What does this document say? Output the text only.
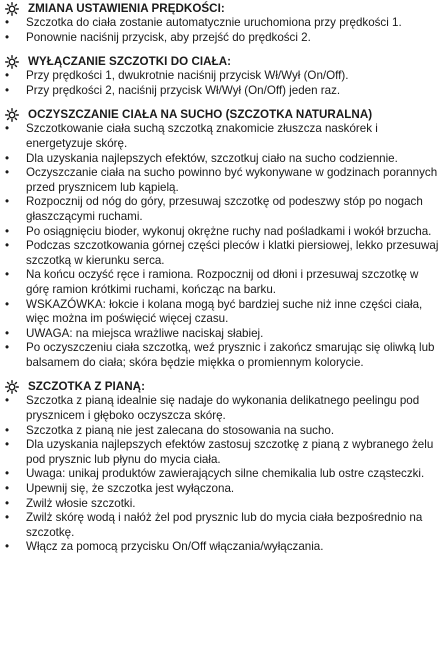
ZMIANA USTAWIENIA PRĘDKOŚCI:
•	Szczotka do ciała zostanie automatycznie uruchomiona przy prędkości 1.
•	Ponownie naciśnij przycisk, aby przejść do prędkości 2.
WYŁĄCZANIE SZCZOTKI DO CIAŁA:
•	Przy prędkości 1, dwukrotnie naciśnij przycisk Wł/Wył (On/Off).
•	Przy prędkości 2, naciśnij przycisk Wł/Wył (On/Off) jeden raz.
OCZYSZCZANIE CIAŁA NA SUCHO (SZCZOTKA NATURALNA)
•	Szczotkowanie ciała suchą szczotką znakomicie złuszcza naskórek i energetyzuje skórę.
•	Dla uzyskania najlepszych efektów, szczotkuj ciało na sucho codziennie.
•	Oczyszczanie ciała na sucho powinno być wykonywane w godzinach porannych przed prysznicem lub kąpielą.
•	Rozpocznij od nóg do góry, przesuwaj szczotkę od podeszwy stóp po nogach głaszczącymi ruchami.
•	Po osiągnięciu bioder, wykonuj okrężne ruchy nad pośladkami i wokół brzucha.
•	Podczas szczotkowania górnej części pleców i klatki piersiowej, lekko przesuwaj szczotką w kierunku serca.
•	Na końcu oczyść ręce i ramiona. Rozpocznij od dłoni i przesuwaj szczotkę w górę ramion krótkimi ruchami, kończąc na barku.
•	WSKAZÓWKA: łokcie i kolana mogą być bardziej suche niż inne części ciała, więc można im poświęcić więcej czasu.
•	UWAGA: na miejsca wrażliwe naciskaj słabiej.
•	Po oczyszczeniu ciała szczotką, weź prysznic i zakończ smarując się oliwką lub balsamem do ciała; skóra będzie miękka o promiennym kolorycie.
SZCZOTKA Z PIANĄ:
•	Szczotka z pianą idealnie się nadaje do wykonania delikatnego peelingu pod prysznicem i głęboko oczyszcza skórę.
•	Szczotka z pianą nie jest zalecana do stosowania na sucho.
•	Dla uzyskania najlepszych efektów zastosuj szczotkę z pianą z wybranego żelu pod prysznic lub płynu do mycia ciała.
•	Uwaga: unikaj produktów zawierających silne chemikalia lub ostre cząsteczki.
•	Upewnij się, że szczotka jest wyłączona.
•	Zwilż włosie szczotki.
•	Zwilż skórę wodą i nałóż żel pod prysznic lub do mycia ciała bezpośrednio na szczotkę.
•	Włącz za pomocą przycisku On/Off włączania/wyłączania.
